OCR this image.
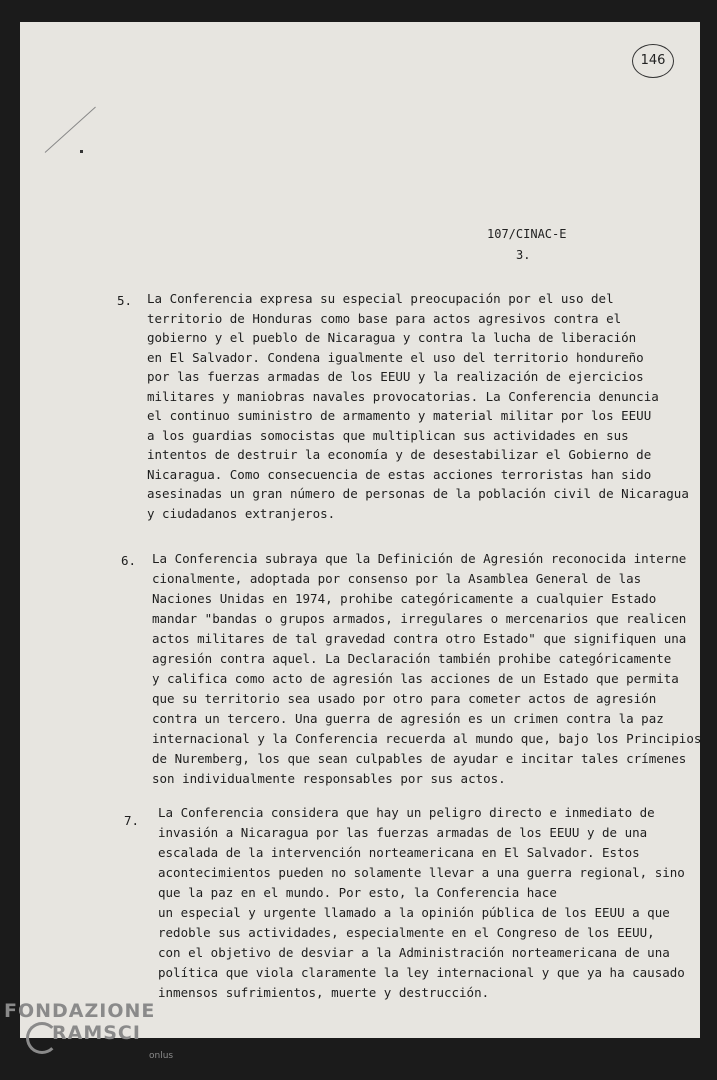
146
107/CINAC-E
3.
5. La Conferencia expresa su especial preocupación por el uso del
territorio de Honduras como base para actos agresivos contra el
gobierno y el pueblo de Nicaragua y contra la lucha de liberación
en El Salvador. Condena igualmente el uso del territorio hondureño
por las fuerzas armadas de los EEUU y la realización de ejercicios
militares y maniobras navales provocatorias. La Conferencia denuncia
el continuo suministro de armamento y material militar por los EEUU
a los guardias somocistas que multiplican sus actividades en sus
intentos de destruir la economía y de desestabilizar el Gobierno de
Nicaragua. Como consecuencia de estas acciones terroristas han sido
asesinadas un gran número de personas de la población civil de Nicaragua
y ciudadanos extranjeros.
6. La Conferencia subraya que la Definición de Agresión reconocida interne
cionalmente, adoptada por consenso por la Asamblea General de las
Naciones Unidas en 1974, prohibe categóricamente a cualquier Estado
mandar "bandas o grupos armados, irregulares o mercenarios que realicen
actos militares de tal gravedad contra otro Estado" que signifiquen una
agresión contra aquel. La Declaración también prohibe categóricamente
y califica como acto de agresión las acciones de un Estado que permita
que su territorio sea usado por otro para cometer actos de agresión
contra un tercero. Una guerra de agresión es un crimen contra la paz
internacional y la Conferencia recuerda al mundo que, bajo los Principios
de Nuremberg, los que sean culpables de ayudar e incitar tales crímenes
son individualmente responsables por sus actos.
7.
La Conferencia considera que hay un peligro directo e inmediato de
invasión a Nicaragua por las fuerzas armadas de los EEUU y de una
escalada de la intervención norteamericana en El Salvador. Estos
acontecimientos pueden no solamente llevar a una guerra regional, sino
que la paz en el mundo. Por esto, la Conferencia hace
un especial y urgente llamado a la opinión pública de los EEUU a que
redoble sus actividades, especialmente en el Congreso de los EEUU,
con el objetivo de desviar a la Administración norteamericana de una
política que viola claramente la ley internacional y que ya ha causado
inmensos sufrimientos, muerte y destrucción.
FONDAZIONE
RAMSCI
onlus
